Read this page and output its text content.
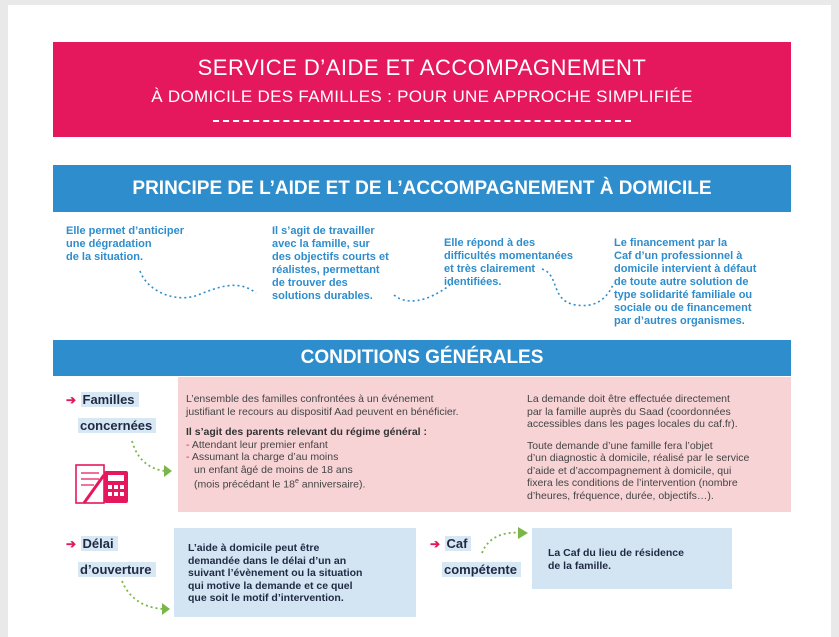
SERVICE D’AIDE ET ACCOMPAGNEMENT
À DOMICILE DES FAMILLES : POUR UNE APPROCHE SIMPLIFIÉE
PRINCIPE DE L’AIDE ET DE L’ACCOMPAGNEMENT À DOMICILE
Elle permet d’anticiper
une dégradation
de la situation.
Il s’agit de travailler
avec la famille, sur
des objectifs courts et
réalistes, permettant
de trouver des
solutions durables.
Elle répond à des
difficultés momentanées
et très clairement
identifiées.
Le financement par la
Caf d’un professionnel à
domicile intervient à défaut
de toute autre solution de
type solidarité familiale ou
sociale ou de financement
par d’autres organismes.
CONDITIONS GÉNÉRALES
➔ Familles
concernées
L’ensemble des familles confrontées à un événement
justifiant le recours au dispositif Aad peuvent en bénéficier.
Il s’agit des parents relevant du régime général :
- Attendant leur premier enfant
- Assumant la charge d’au moins
un enfant âgé de moins de 18 ans
(mois précédant le 18e anniversaire).
La demande doit être effectuée directement
par la famille auprès du Saad (coordonnées
accessibles dans les pages locales du caf.fr).
Toute demande d’une famille fera l’objet
d’un diagnostic à domicile, réalisé par le service
d’aide et d’accompagnement à domicile, qui
fixera les conditions de l’intervention (nombre
d’heures, fréquence, durée, objectifs…).
➔ Délai
d’ouverture
L’aide à domicile peut être
demandée dans le délai d’un an
suivant l’évènement ou la situation
qui motive la demande et ce quel
que soit le motif d’intervention.
➔ Caf
compétente
La Caf du lieu de résidence
de la famille.
